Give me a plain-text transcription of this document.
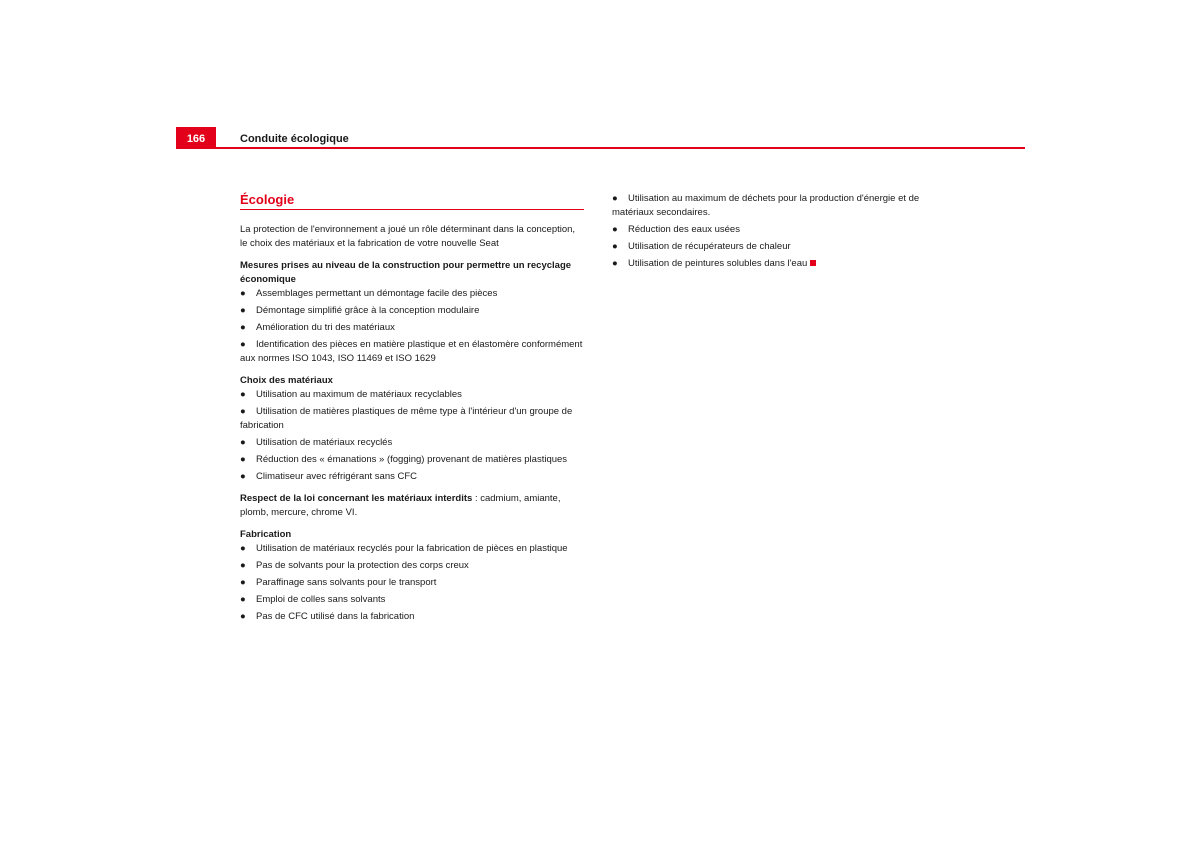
166	Conduite écologique
Écologie

La protection de l'environnement a joué un rôle déterminant dans la conception, le choix des matériaux et la fabrication de votre nouvelle Seat

Mesures prises au niveau de la construction pour permettre un recyclage économique

● Assemblages permettant un démontage facile des pièces
● Démontage simplifié grâce à la conception modulaire
● Amélioration du tri des matériaux
● Identification des pièces en matière plastique et en élastomère conformément aux normes ISO 1043, ISO 11469 et ISO 1629

Choix des matériaux

● Utilisation au maximum de matériaux recyclables
● Utilisation de matières plastiques de même type à l'intérieur d'un groupe de fabrication
● Utilisation de matériaux recyclés
● Réduction des « émanations » (fogging) provenant de matières plastiques
● Climatiseur avec réfrigérant sans CFC

Respect de la loi concernant les matériaux interdits : cadmium, amiante, plomb, mercure, chrome VI.

Fabrication

● Utilisation de matériaux recyclés pour la fabrication de pièces en plastique
● Pas de solvants pour la protection des corps creux
● Paraffinage sans solvants pour le transport
● Emploi de colles sans solvants
● Pas de CFC utilisé dans la fabrication
● Utilisation au maximum de déchets pour la production d'énergie et de matériaux secondaires.
● Réduction des eaux usées
● Utilisation de récupérateurs de chaleur
● Utilisation de peintures solubles dans l'eau
